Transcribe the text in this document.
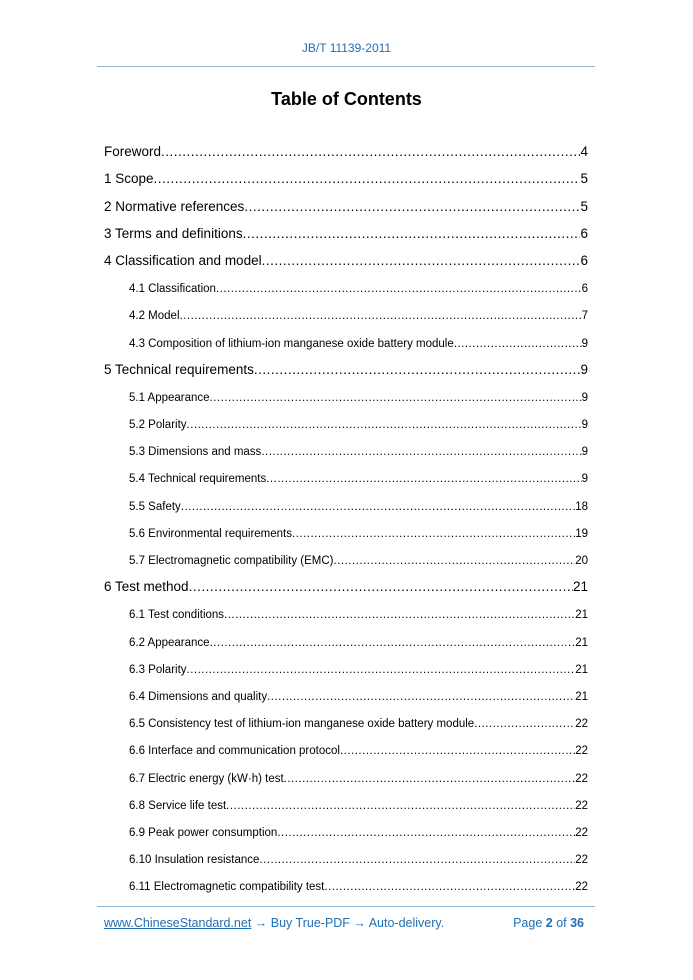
JB/T 11139-2011
Table of Contents
Foreword .....	4
1 Scope .....	5
2 Normative references .....	5
3 Terms and definitions .....	6
4 Classification and model .....	6
4.1 Classification .....	6
4.2 Model .....	7
4.3 Composition of lithium-ion manganese oxide battery module .....	9
5 Technical requirements .....	9
5.1 Appearance .....	9
5.2 Polarity .....	9
5.3 Dimensions and mass .....	9
5.4 Technical requirements .....	9
5.5 Safety .....	18
5.6 Environmental requirements .....	19
5.7 Electromagnetic compatibility (EMC) .....	20
6 Test method .....	21
6.1 Test conditions .....	21
6.2 Appearance .....	21
6.3 Polarity .....	21
6.4 Dimensions and quality .....	21
6.5 Consistency test of lithium-ion manganese oxide battery module .....	22
6.6 Interface and communication protocol .....	22
6.7 Electric energy (kW·h) test .....	22
6.8 Service life test .....	22
6.9 Peak power consumption .....	22
6.10 Insulation resistance .....	22
6.11 Electromagnetic compatibility test .....	22
www.ChineseStandard.net → Buy True-PDF → Auto-delivery.	Page 2 of 36
